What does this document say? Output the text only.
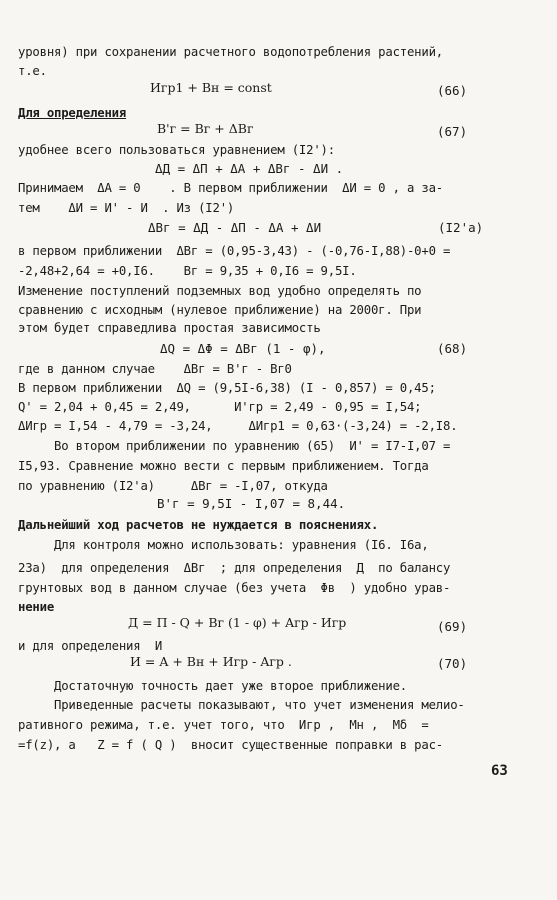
уровня) при сохранении расчетного водопотребления растений,
т.е.
Игр1 + Вн = const	(66)
Для определения
B'г = Bг + ΔBг	(67)
удобнее всего пользоваться уравнением (I2'):
ΔД = ΔП + ΔA + ΔBг - ΔИ .
Принимаем  ΔA = 0    . В первом приближении  ΔИ = 0 , а за-
тем    ΔИ = И' - И  . Из (I2')
ΔBг = ΔД - ΔП - ΔA + ΔИ	(I2'a)
в первом приближении  ΔBг = (0,95-3,43) - (-0,76-I,88)-0+0 =
-2,48+2,64 = +0,I6.    Bг = 9,35 + 0,I6 = 9,5I.
Изменение поступлений подземных вод удобно определять по
сравнению с исходным (нулевое приближение) на 2000г. При
этом будет справедлива простая зависимость
ΔQ = ΔΦ = ΔBг (1 - φ),	(68)
где в данном случае    ΔBг = B'г - Bг0
В первом приближении  ΔQ = (9,5I-6,38) (I - 0,857) = 0,45;
Q' = 2,04 + 0,45 = 2,49,      И'гр = 2,49 - 0,95 = I,54;
ΔИгр = I,54 - 4,79 = -3,24,     ΔИгр1 = 0,63·(-3,24) = -2,I8.
Во втором приближении по уравнению (65)  И' = I7-I,07 =
I5,93. Сравнение можно вести с первым приближением. Тогда
по уравнению (I2'a)     ΔBг = -I,07, откуда
B'г = 9,5I - I,07 = 8,44.
Дальнейший ход расчетов не нуждается в пояснениях.
Для контроля можно использовать: уравнения (I6. I6a,
23a)  для определения  ΔBг  ; для определения  Д  по балансу
грунтовых вод в данном случае (без учета  Φв  ) удобно урав-
нение
Д = П - Q + Bг (1 - φ) + Aгр - Игр	(69)
и для определения  И
И = A + Bн + Игр - Aгр .	(70)
Достаточную точность дает уже второе приближение.
Приведенные расчеты показывают, что учет изменения мелио-
ративного режима, т.е. учет того, что  Игр ,  Мн ,  Мδ  =
=f(z), а   Z = f ( Q )  вносит существенные поправки в рас-
63
